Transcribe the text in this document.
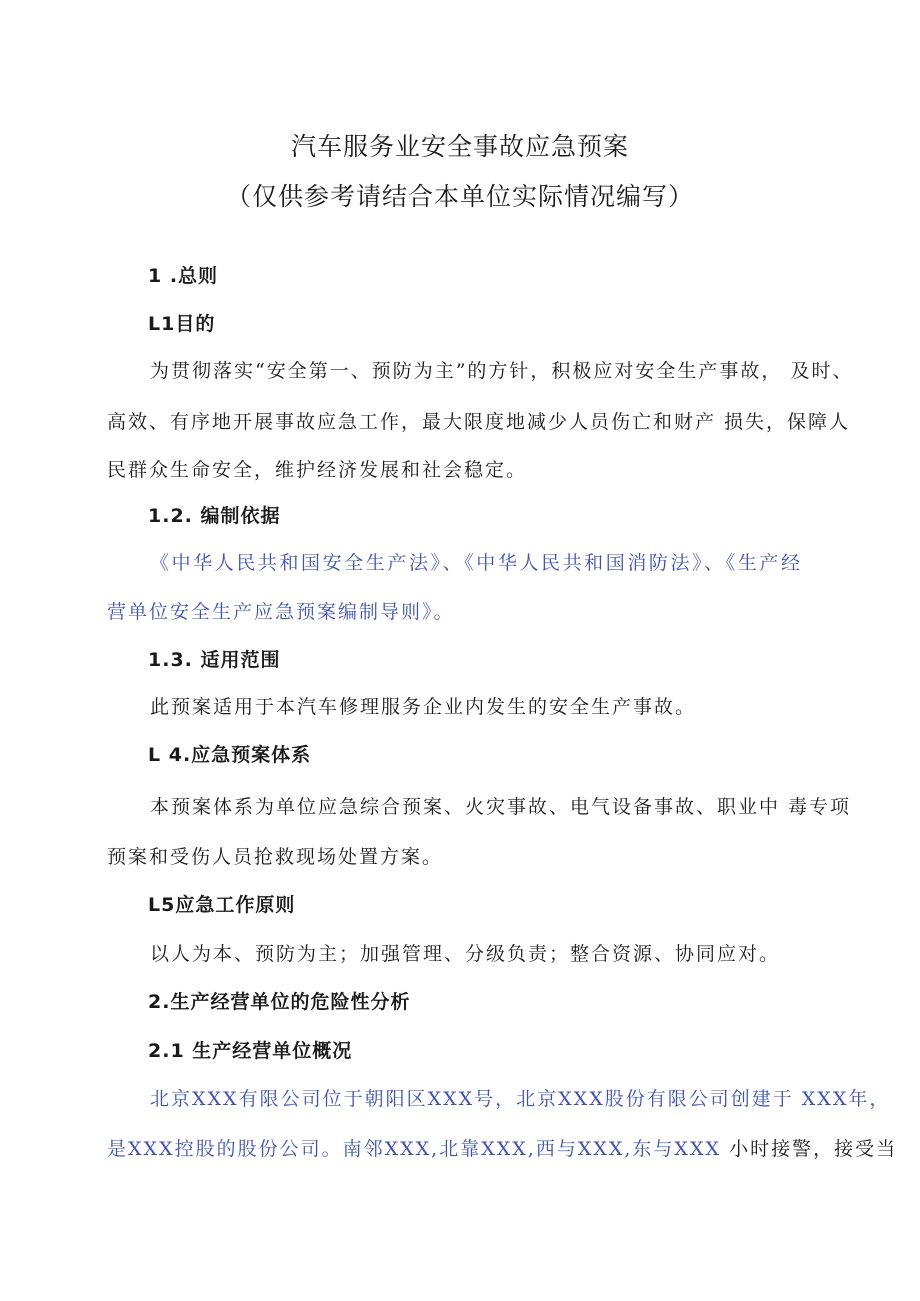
汽车服务业安全事故应急预案
（仅供参考请结合本单位实际情况编写）
1 .总则
L1目的
为贯彻落实“安全第一、预防为主”的方针，积极应对安全生产事故， 及时、
高效、有序地开展事故应急工作，最大限度地减少人员伤亡和财产 损失，保障人
民群众生命安全，维护经济发展和社会稳定。
1.2. 编制依据
《中华人民共和国安全生产法》、《中华人民共和国消防法》、《生产经
营单位安全生产应急预案编制导则》。
1.3. 适用范围
此预案适用于本汽车修理服务企业内发生的安全生产事故。
L 4.应急预案体系
本预案体系为单位应急综合预案、火灾事故、电气设备事故、职业中 毒专项
预案和受伤人员抢救现场处置方案。
L5应急工作原则
以人为本、预防为主；加强管理、分级负责；整合资源、协同应对。
2.生产经营单位的危险性分析
2.1 生产经营单位概况
北京XXX有限公司位于朝阳区XXX号，北京XXX股份有限公司创建于 XXX年，
是XXX控股的股份公司。南邻XXX,北靠XXX,西与XXX,东与XXX 小时接警，接受当
